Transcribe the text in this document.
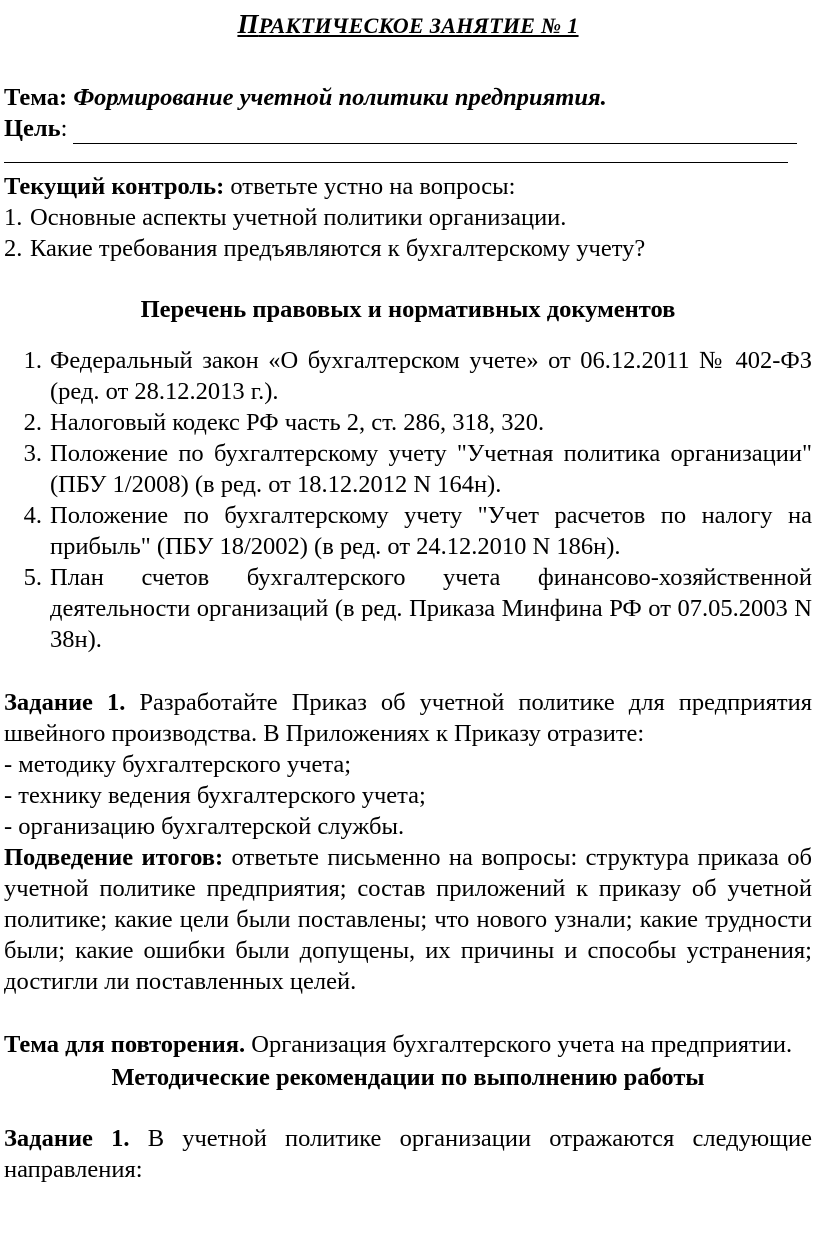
ПРАКТИЧЕСКОЕ ЗАНЯТИЕ № 1

Тема: Формирование учетной политики предприятия.

Цель :

Текущий контроль: ответьте устно на вопросы:

1. Основные аспекты учетной политики организации.
2. Какие требования предъявляются к бухгалтерскому учету?

Перечень правовых и нормативных документов

1. Федеральный закон «О бухгалтерском учете» от 06.12.2011 № 402-ФЗ (ред. от 28.12.2013 г.).
2. Налоговый кодекс РФ часть 2, ст. 286, 318, 320.
3. Положение по бухгалтерскому учету "Учетная политика организации" (ПБУ 1/2008) (в ред. от 18.12.2012 N 164н).
4. Положение по бухгалтерскому учету "Учет расчетов по налогу на прибыль" (ПБУ 18/2002) (в ред. от 24.12.2010 N 186н).
5. План счетов бухгалтерского учета финансово-хозяйственной деятельности организаций (в ред. Приказа Минфина РФ от 07.05.2003 N 38н).

Задание 1. Разработайте Приказ об учетной политике для предприятия швейного производства. В Приложениях к Приказу отразите:

- методику бухгалтерского учета;

- технику ведения бухгалтерского учета;

- организацию бухгалтерской службы.

Подведение итогов: ответьте письменно на вопросы: структура приказа об учетной политике предприятия; состав приложений к приказу об учетной политике; какие цели были поставлены; что нового узнали; какие трудности были; какие ошибки были допущены, их причины и способы устранения; достигли ли поставленных целей.

Тема для повторения. Организация бухгалтерского учета на предприятии.

Методические рекомендации по выполнению работы

Задание 1. В учетной политике организации отражаются следующие направления:
